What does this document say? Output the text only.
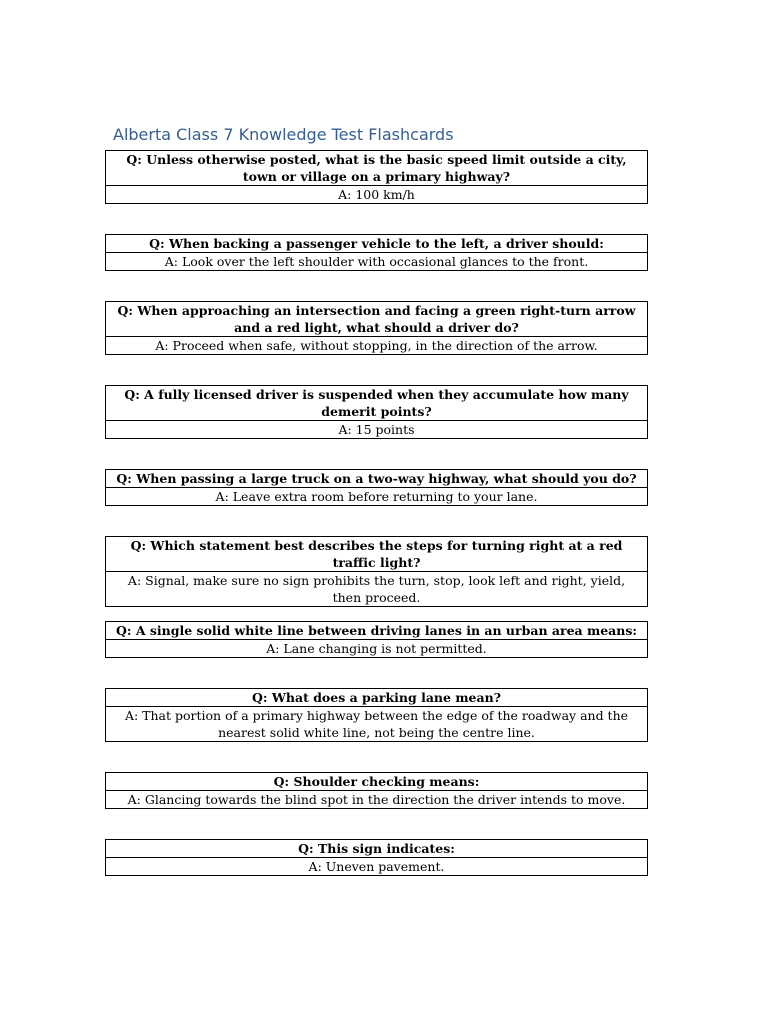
Alberta Class 7 Knowledge Test Flashcards
Q: Unless otherwise posted, what is the basic speed limit outside a city, town or village on a primary highway?
A: 100 km/h
Q: When backing a passenger vehicle to the left, a driver should:
A: Look over the left shoulder with occasional glances to the front.
Q: When approaching an intersection and facing a green right-turn arrow and a red light, what should a driver do?
A: Proceed when safe, without stopping, in the direction of the arrow.
Q: A fully licensed driver is suspended when they accumulate how many demerit points?
A: 15 points
Q: When passing a large truck on a two-way highway, what should you do?
A: Leave extra room before returning to your lane.
Q: Which statement best describes the steps for turning right at a red traffic light?
A: Signal, make sure no sign prohibits the turn, stop, look left and right, yield, then proceed.
Q: A single solid white line between driving lanes in an urban area means:
A: Lane changing is not permitted.
Q: What does a parking lane mean?
A: That portion of a primary highway between the edge of the roadway and the nearest solid white line, not being the centre line.
Q: Shoulder checking means:
A: Glancing towards the blind spot in the direction the driver intends to move.
Q: This sign indicates:
A: Uneven pavement.
